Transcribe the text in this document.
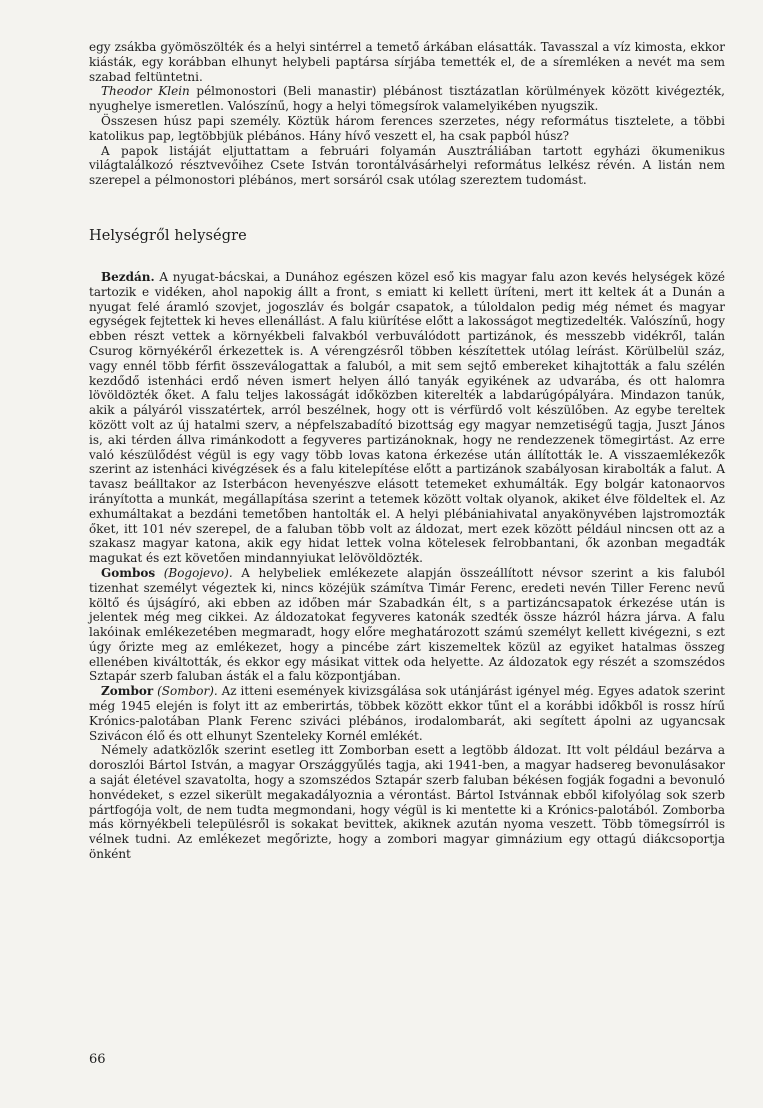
egy zsákba gyömöszölték és a helyi sintérrel a temető árkában elásatták. Tavasszal a víz kimosta, ekkor kiásták, egy korábban elhunyt helybeli paptársa sírjába temették el, de a síremléken a nevét ma sem szabad feltüntetni.

Theodor Klein pélmonostori (Beli manastir) plébánost tisztázatlan körülmények között kivégezték, nyughelye ismeretlen. Valószínű, hogy a helyi tömegsírok valamelyikében nyugszik.

Összesen húsz papi személy. Köztük három ferences szerzetes, négy református tisztelete, a többi katolikus pap, legtöbbjük plébános. Hány hívő veszett el, ha csak papból húsz?

A papok listáját eljuttattam a februári folyamán Ausztráliában tartott egyházi ökumenikus világtalálkozó résztvevőihez Csete István torontálvásárhelyi református lelkész révén. A listán nem szerepel a pélmonostori plébános, mert sorsáról csak utólag szereztem tudomást.

Helységről helységre

Bezdán. A nyugat-bácskai, a Dunához egészen közel eső kis magyar falu azon kevés helységek közé tartozik e vidéken, ahol napokig állt a front, s emiatt ki kellett üríteni, mert itt keltek át a Dunán a nyugat felé áramló szovjet, jogoszláv és bolgár csapatok, a túloldalon pedig még német és magyar egységek fejtettek ki heves ellenállást. A falu kiürítése előtt a lakosságot megtizedelték. Valószínű, hogy ebben részt vettek a környékbeli falvakból verbuválódott partizánok, és messzebb vidékről, talán Csurog környékéről érkezettek is. A vérengzésről többen készítettek utólag leírást. Körülbelül száz, vagy ennél több férfit összeválogattak a faluból, a mit sem sejtő embereket kihajtották a falu szélén kezdődő istenháci erdő néven ismert helyen álló tanyák egyikének az udvarába, és ott halomra lövöldözték őket. A falu teljes lakosságát időközben kiterelték a labdarúgópályára. Mindazon tanúk, akik a pályáról visszatértek, arról beszélnek, hogy ott is vérfürdő volt készülőben. Az egybe tereltek között volt az új hatalmi szerv, a népfelszabadító bizottság egy magyar nemzetiségű tagja, Juszt János is, aki térden állva rimánkodott a fegyveres partizánoknak, hogy ne rendezzenek tömegirtást. Az erre való készülődést végül is egy vagy több lovas katona érkezése után állították le. A visszaemlékezők szerint az istenháci kivégzések és a falu kitelepítése előtt a partizánok szabályosan kirabolták a falut. A tavasz beálltakor az Isterbácon hevenyészve elásott tetemeket exhumálták. Egy bolgár katonaorvos irányította a munkát, megállapítása szerint a tetemek között voltak olyanok, akiket élve földeltek el. Az exhumáltakat a bezdáni temetőben hantolták el. A helyi plébániahivatal anyakönyvében lajstromozták őket, itt 101 név szerepel, de a faluban több volt az áldozat, mert ezek között például nincsen ott az a szakasz magyar katona, akik egy hidat lettek volna kötelesek felrobbantani, ők azonban megadták magukat és ezt követően mindannyiukat lelövöldözték.

Gombos (Bogojevo). A helybeliek emlékezete alapján összeállított névsor szerint a kis faluból tizenhat személyt végeztek ki, nincs közéjük számítva Timár Ferenc, eredeti nevén Tiller Ferenc nevű költő és újságíró, aki ebben az időben már Szabadkán élt, s a partizáncsapatok érkezése után is jelentek még meg cikkei. Az áldozatokat fegyveres katonák szedték össze házról házra járva. A falu lakóinak emlékezetében megmaradt, hogy előre meghatározott számú személyt kellett kivégezni, s ezt úgy őrizte meg az emlékezet, hogy a pincébe zárt kiszemeltek közül az egyiket hatalmas összeg ellenében kiváltották, és ekkor egy másikat vittek oda helyette. Az áldozatok egy részét a szomszédos Sztapár szerb faluban ásták el a falu központjában.

Zombor (Sombor). Az itteni események kivizsgálása sok utánjárást igényel még. Egyes adatok szerint még 1945 elején is folyt itt az emberirtás, többek között ekkor tűnt el a korábbi időkből is rossz hírű Krónics-palotában Plank Ferenc sziváci plébános, irodalombarát, aki segített ápolni az ugyancsak Szivácon élő és ott elhunyt Szenteleky Kornél emlékét.

Némely adatközlők szerint esetleg itt Zomborban esett a legtöbb áldozat. Itt volt például bezárva a doroszlói Bártol István, a magyar Országgyűlés tagja, aki 1941-ben, a magyar hadsereg bevonulásakor a saját életével szavatolta, hogy a szomszédos Sztapár szerb faluban békésen fogják fogadni a bevonuló honvédeket, s ezzel sikerült megakadályoznia a vérontást. Bártol Istvánnak ebből kifolyólag sok szerb pártfogója volt, de nem tudta megmondani, hogy végül is ki mentette ki a Krónics-palotából. Zomborba más környékbeli településről is sokakat bevittek, akiknek azután nyoma veszett. Több tömegsírról is vélnek tudni. Az emlékezet megőrizte, hogy a zombori magyar gimnázium egy ottagú diákcsoportja önként

66
